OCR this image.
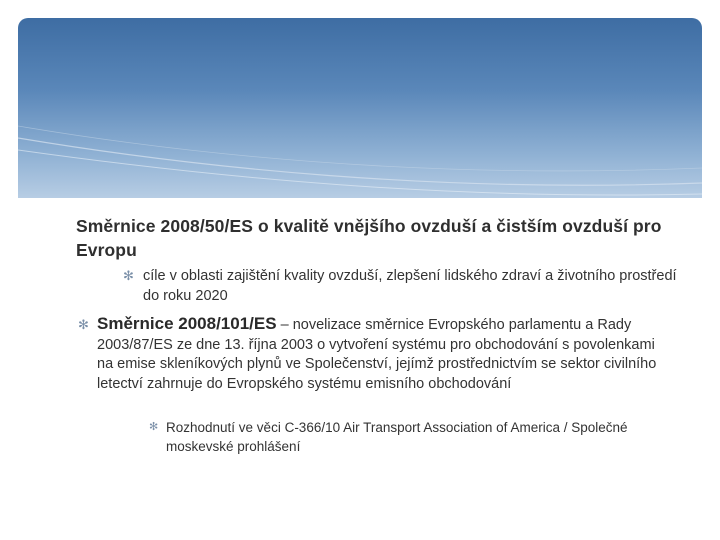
Směrnice 2008/50/ES o kvalitě vnějšího ovzduší a čistším ovzduší pro Evropu
✻ cíle v oblasti zajištění kvality ovzduší, zlepšení lidského zdraví a životního prostředí do roku 2020
✻ Směrnice 2008/101/ES – novelizace směrnice Evropského parlamentu a Rady 2003/87/ES ze dne 13. října 2003 o vytvoření systému pro obchodování s povolenkami na emise skleníkových plynů ve Společenství, jejímž prostřednictvím se sektor civilního letectví zahrnuje do Evropského systému emisního obchodování
✻ Rozhodnutí ve věci C-366/10 Air Transport Association of America / Společné moskevské prohlášení
